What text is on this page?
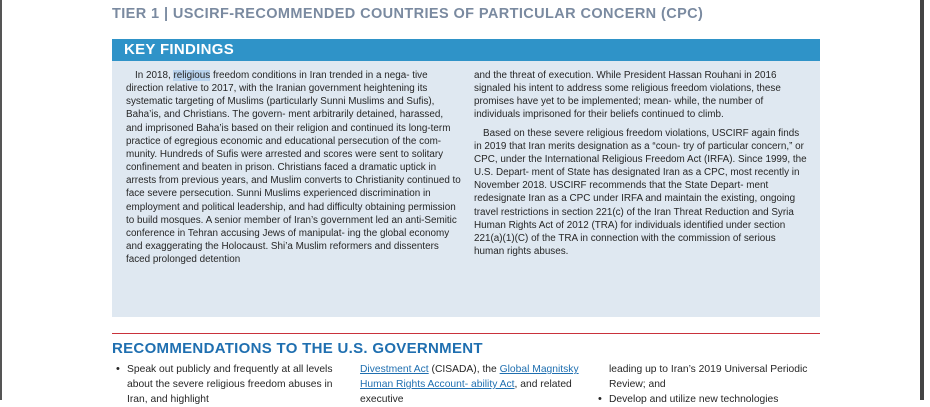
TIER 1 | USCIRF-RECOMMENDED COUNTRIES OF PARTICULAR CONCERN (CPC)
KEY FINDINGS

In 2018, religious freedom conditions in Iran trended in a nega- tive direction relative to 2017, with the Iranian government heightening its systematic targeting of Muslims (particularly Sunni Muslims and Sufis), Baha’is, and Christians. The govern- ment arbitrarily detained, harassed, and imprisoned Baha’is based on their religion and continued its long-term practice of egregious economic and educational persecution of the com- munity. Hundreds of Sufis were arrested and scores were sent to solitary confinement and beaten in prison. Christians faced a dramatic uptick in arrests from previous years, and Muslim converts to Christianity continued to face severe persecution. Sunni Muslims experienced discrimination in employment and political leadership, and had difficulty obtaining permission to build mosques. A senior member of Iran’s government led an anti-Semitic conference in Tehran accusing Jews of manipulat- ing the global economy and exaggerating the Holocaust. Shi’a Muslim reformers and dissenters faced prolonged detention

and the threat of execution. While President Hassan Rouhani in 2016 signaled his intent to address some religious freedom violations, these promises have yet to be implemented; mean- while, the number of individuals imprisoned for their beliefs continued to climb.

Based on these severe religious freedom violations, USCIRF again finds in 2019 that Iran merits designation as a “coun- try of particular concern,” or CPC, under the International Religious Freedom Act (IRFA). Since 1999, the U.S. Depart- ment of State has designated Iran as a CPC, most recently in November 2018. USCIRF recommends that the State Depart- ment redesignate Iran as a CPC under IRFA and maintain the existing, ongoing travel restrictions in section 221(c) of the Iran Threat Reduction and Syria Human Rights Act of 2012 (TRA) for individuals identified under section 221(a)(1)(C) of the TRA in connection with the commission of serious human rights abuses.

RECOMMENDATIONS TO THE U.S. GOVERNMENT
• Speak out publicly and frequently at all levels about the severe religious freedom abuses in Iran, and highlight
Divestment Act (CISADA), the Global Magnitsky Human Rights Account- ability Act, and related executive
leading up to Iran’s 2019 Universal Periodic Review; and
• Develop and utilize new technologies
